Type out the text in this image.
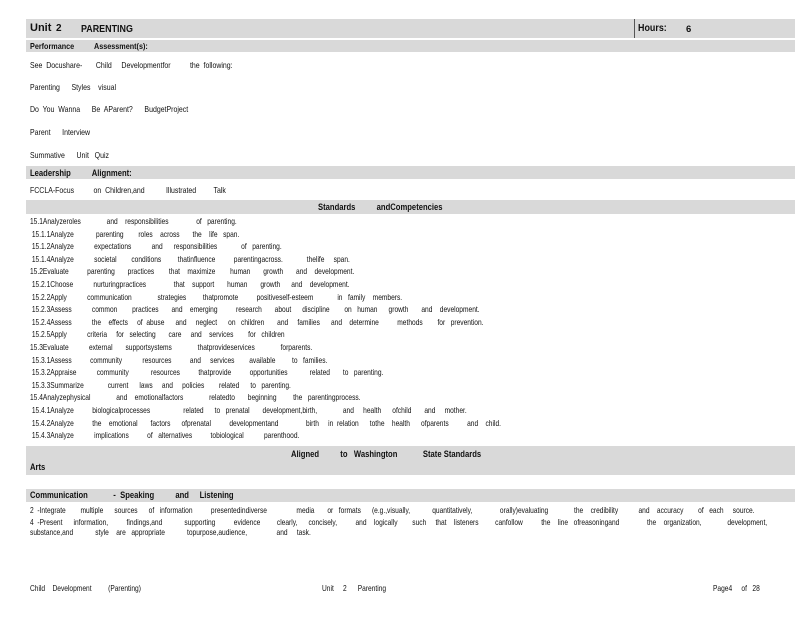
Unit 2 PARENTING	Hours: 6
Performance          Assessment(s):
See  Docushare-       Child     Developmentfor          the  following:
Parenting      Styles    visual
Do  You  Wanna      Be  AParent?      BudgetProject
Parent      Interview
Summative      Unit   Quiz
Leadership          Alignment:
FCCLA-Focus          on  Children,and           Illustrated         Talk
Standards          andCompetencies
15.1Analyzeroles              and    responsibilities               of   parenting.
15.1.1Analyze            parenting        roles    across       the    life   span.
15.1.2Analyze           expectations           and      responsibilities             of   parenting.
15.1.4Analyze           societal        conditions         thatinfluence          parentingacross.             thelife     span.
15.2Evaluate          parenting       practices        that    maximize        human       growth       and    development.
15.2.1Choose           nurturingpractices               that    support       human       growth      and    development.
15.2.2Apply           communication              strategies         thatpromote          positiveself-esteem             in   family    members.
15.2.3Assess           common        practices       and    emerging          research       about      discipline        on   human      growth       and    development.
15.2.4Assess           the    effects     of  abuse      and     neglect      on   children       and     families      and    determine          methods        for   prevention.
15.2.5Apply           criteria     for   selecting       care     and    services        for   children
15.3Evaluate           external       supportsystems              thatprovideservices              forparents.
15.3.1Assess          community           resources          and     services        available         to   families.
15.3.2Appraise           community            resources          thatprovide          opportunities            related       to   parenting.
15.3.3Summarize             current      laws     and     policies        related      to   parenting.
15.4Analyzephysical              and    emotionalfactors              relatedto       beginning         the   parentingprocess.
15.4.1Analyze          biologicalprocesses                  related      to   prenatal       development,birth,              and     health      ofchild       and     mother.
15.4.2Analyze          the    emotional       factors      ofprenatal          developmentand               birth     in  relation      tothe    health      ofparents          and    child.
15.4.3Analyze           implications          of   alternatives          tobiological           parenthood.
Aligned          to   Washington            State Standards
Arts
Communication            -  Speaking          and     Listening
2  -Integrate        multiple      sources      of   information          presentedindiverse                media       or   formats      (e.g.,visually,            quantitatively,               orally)evaluating              the    credibility           and    accuracy        of   each     source.
4  -Present      information,          findings,and            supporting          evidence         clearly,      concisely,          and    logically        such     that    listeners         canfollow          the    line   ofreasoningand               the    organization,              development,
substance,and            style    are   appropriate            topurpose,audience,                and     task.
Child    Development         (Parenting)	Unit     2      Parenting	Page4     of   28
